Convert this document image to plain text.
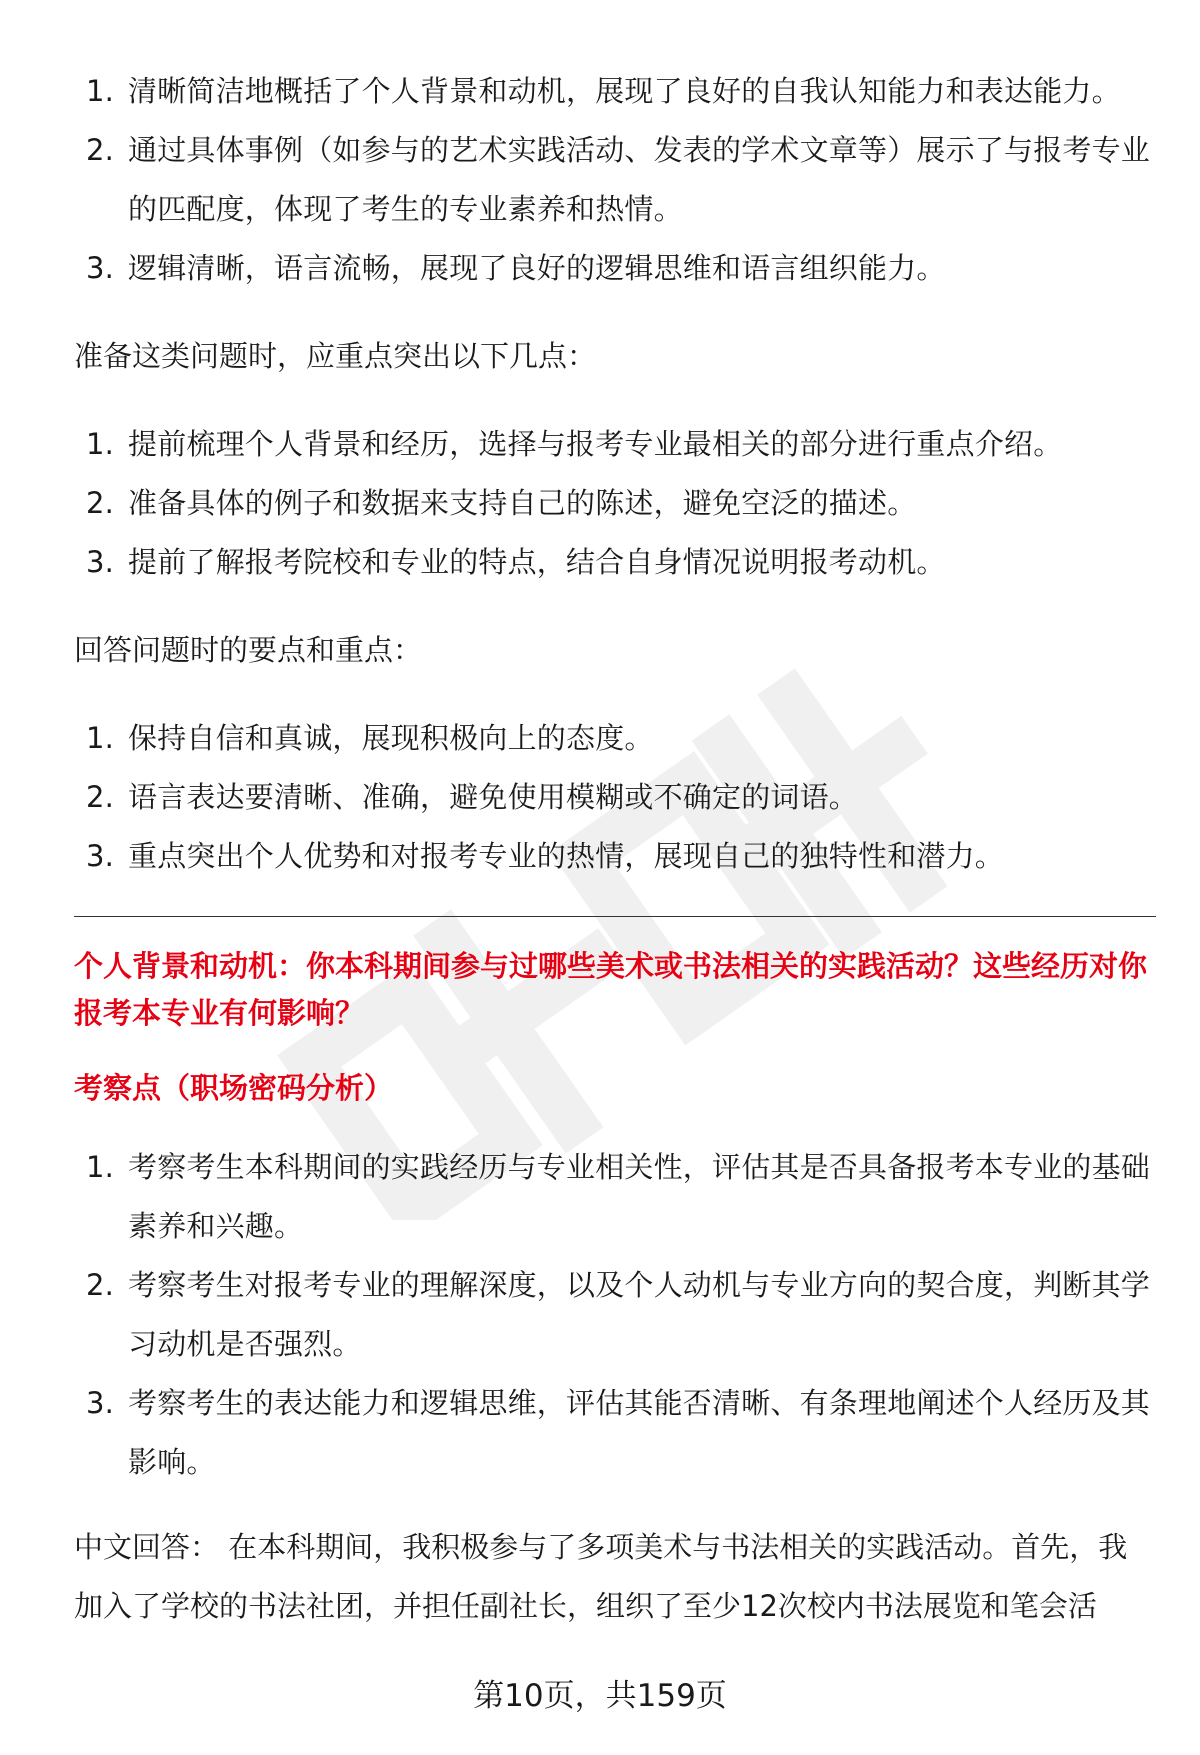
1. 清晰简洁地概括了个人背景和动机，展现了良好的自我认知能力和表达能力。
2. 通过具体事例（如参与的艺术实践活动、发表的学术文章等）展示了与报考专业的匹配度，体现了考生的专业素养和热情。
3. 逻辑清晰，语言流畅，展现了良好的逻辑思维和语言组织能力。

准备这类问题时，应重点突出以下几点：

1. 提前梳理个人背景和经历，选择与报考专业最相关的部分进行重点介绍。
2. 准备具体的例子和数据来支持自己的陈述，避免空泛的描述。
3. 提前了解报考院校和专业的特点，结合自身情况说明报考动机。

回答问题时的要点和重点：

1. 保持自信和真诚，展现积极向上的态度。
2. 语言表达要清晰、准确，避免使用模糊或不确定的词语。
3. 重点突出个人优势和对报考专业的热情，展现自己的独特性和潜力。

个人背景和动机：你本科期间参与过哪些美术或书法相关的实践活动？这些经历对你报考本专业有何影响？

考察点（职场密码分析）

1. 考察考生本科期间的实践经历与专业相关性，评估其是否具备报考本专业的基础素养和兴趣。
2. 考察考生对报考专业的理解深度，以及个人动机与专业方向的契合度，判断其学习动机是否强烈。
3. 考察考生的表达能力和逻辑思维，评估其能否清晰、有条理地阐述个人经历及其影响。

中文回答： 在本科期间，我积极参与了多项美术与书法相关的实践活动。首先，我加入了学校的书法社团，并担任副社长，组织了至少12次校内书法展览和笔会活

第10页，共159页
